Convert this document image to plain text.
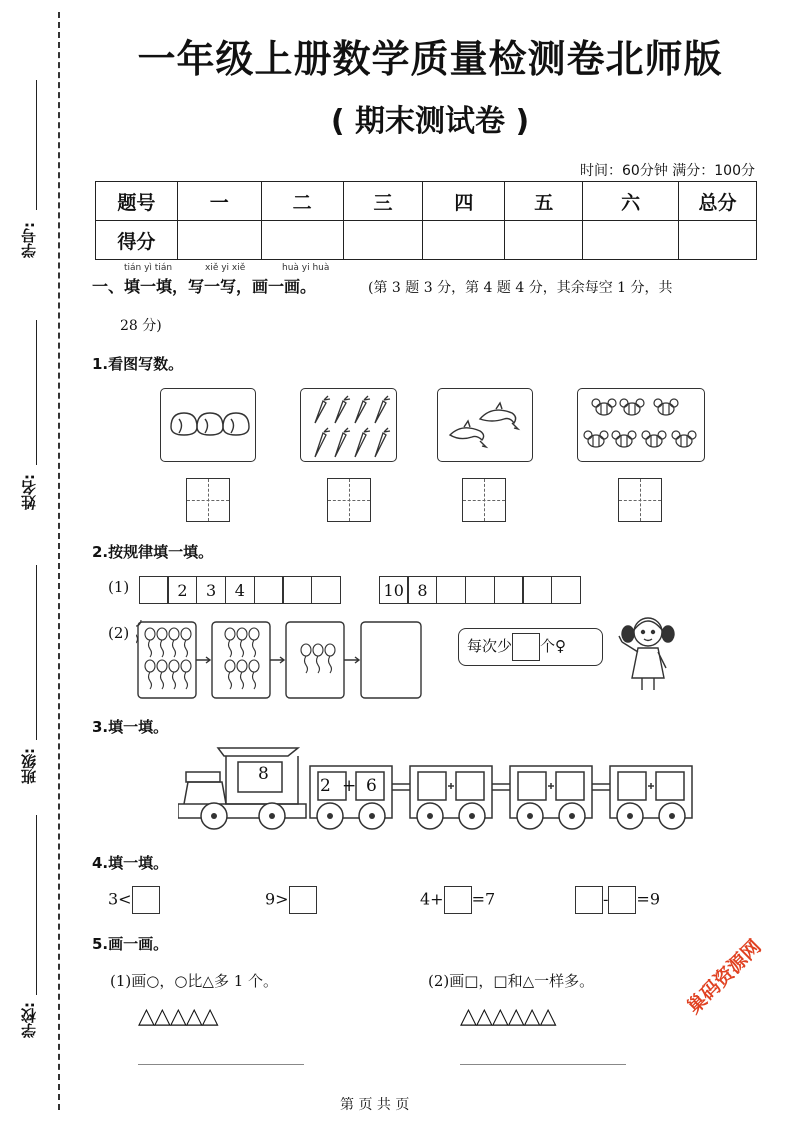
学号:
姓名:
班级:
学校:
一年级上册数学质量检测卷北师版
( 期末测试卷 )
时间：60分钟 满分：100分
题号	一	二	三	四	五	六	总分
得分							
tián yì tián	xiě yi xiě	huà yi huà
一、填一填，写一写，画一画。	(第 3 题 3 分，第 4 题 4 分，其余每空 1 分，共
28 分)
1.看图写数。
2.按规律填一填。
(1)	2	3	4	10 8
(2)
每次少 个♀
3.填一填。
8
2 + 6
4.填一填。
3<	9>	4+ =7	- =9
5.画一画。
(1)画○，○比△多 1 个。	(2)画□，□和△一样多。
△△△△△	△△△△△△
第 页 共 页
巢码资源网
